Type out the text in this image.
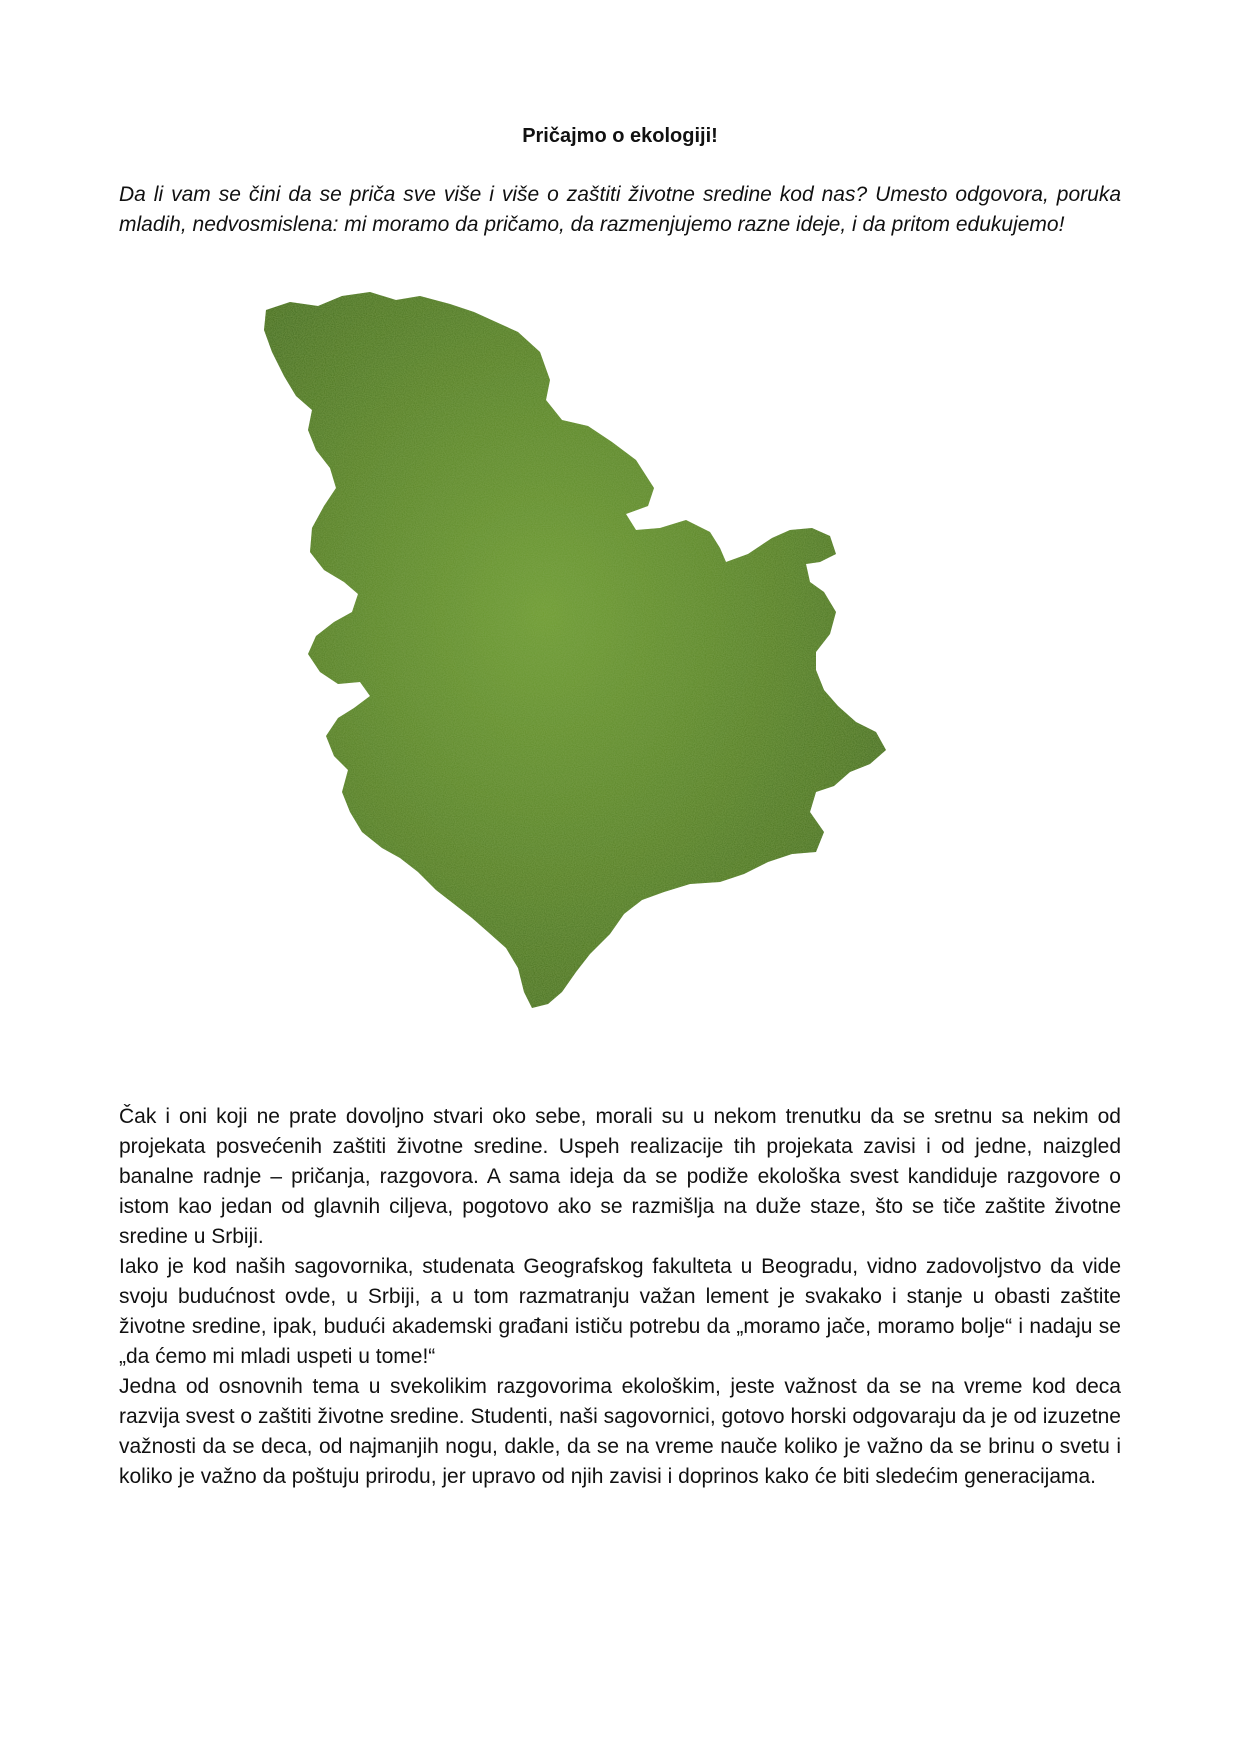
Pričajmo o ekologiji!

Da li vam se čini da se priča sve više i više o zaštiti životne sredine kod nas? Umesto odgovora, poruka mladih, nedvosmislena: mi moramo da pričamo, da razmenjujemo razne ideje, i da pritom edukujemo!

Čak i oni koji ne prate dovoljno stvari oko sebe, morali su u nekom trenutku da se sretnu sa nekim od projekata posvećenih zaštiti životne sredine. Uspeh realizacije tih projekata zavisi i od jedne, naizgled banalne radnje – pričanja, razgovora. A sama ideja da se podiže ekološka svest kandiduje razgovore o istom kao jedan od glavnih ciljeva, pogotovo ako se razmišlja na duže staze, što se tiče zaštite životne sredine u Srbiji.

Iako je kod naših sagovornika, studenata Geografskog fakulteta u Beogradu, vidno zadovoljstvo da vide svoju budućnost ovde, u Srbiji, a u tom razmatranju važan lement je svakako i stanje u obasti zaštite životne sredine, ipak, budući akademski građani ističu potrebu da „moramo jače, moramo bolje“ i nadaju se „da ćemo mi mladi uspeti u tome!“

Jedna od osnovnih tema u svekolikim razgovorima ekološkim, jeste važnost da se na vreme kod deca razvija svest o zaštiti životne sredine. Studenti, naši sagovornici, gotovo horski odgovaraju da je od izuzetne važnosti da se deca, od najmanjih nogu, dakle, da se na vreme nauče koliko je važno da se brinu o svetu i koliko je važno da poštuju prirodu, jer upravo od njih zavisi i doprinos kako će biti sledećim generacijama.
